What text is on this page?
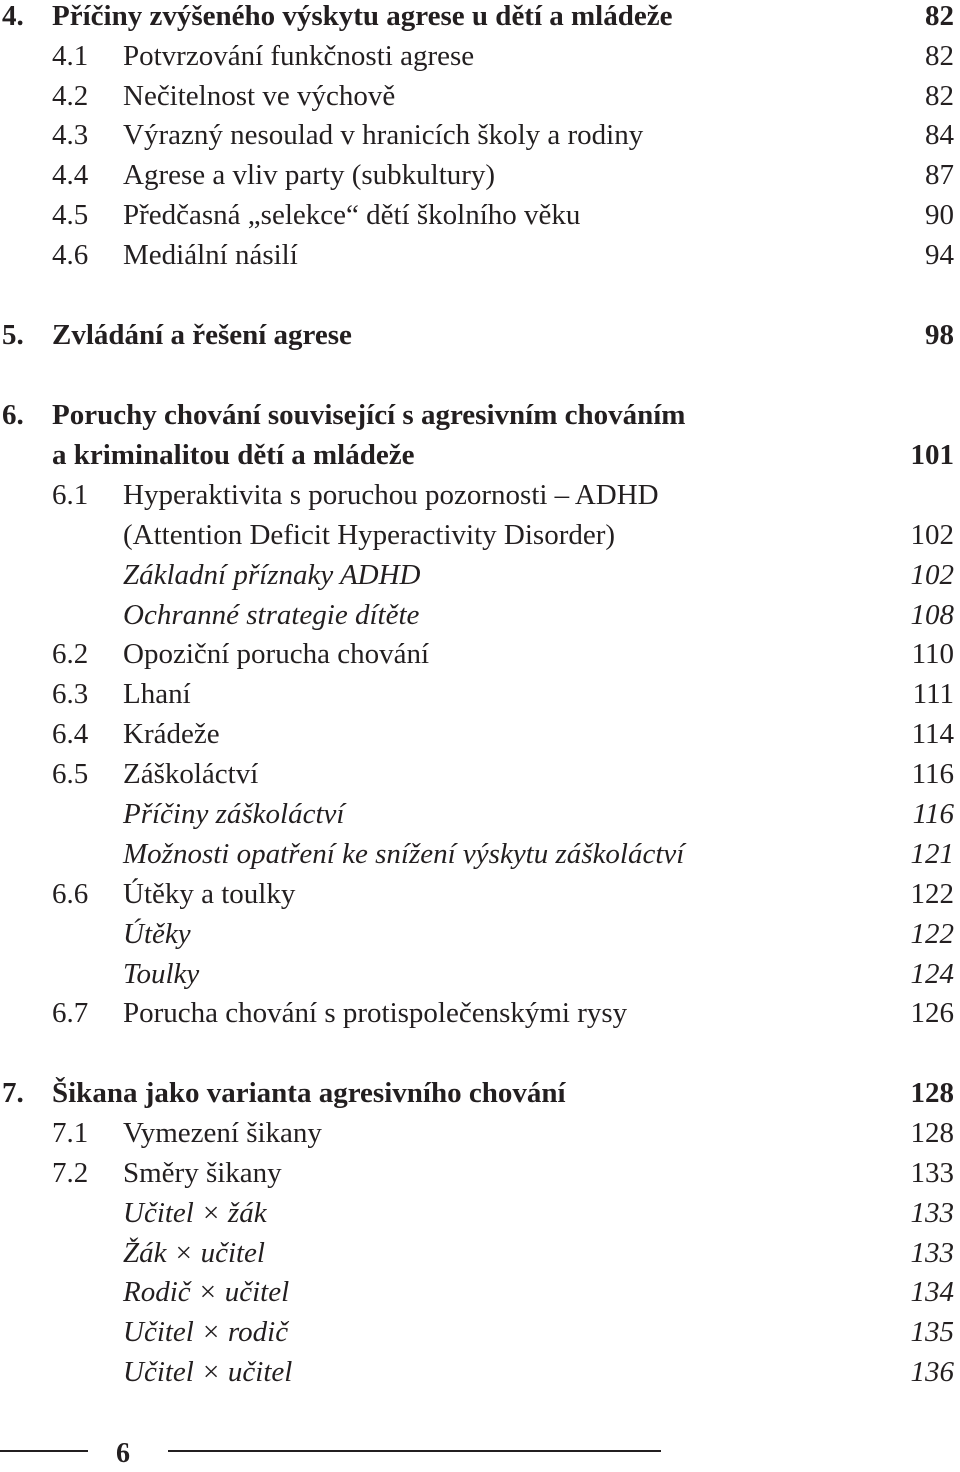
4. Příčiny zvýšeného výskytu agrese u dětí a mládeže	82
4.1 Potvrzování funkčnosti agrese	82
4.2 Nečitelnost ve výchově	82
4.3 Výrazný nesoulad v hranicích školy a rodiny	84
4.4 Agrese a vliv party (subkultury)	87
4.5 Předčasná „selekce“ dětí školního věku	90
4.6 Mediální násilí	94
5. Zvládání a řešení agrese	98
6. Poruchy chování související s agresivním chováním
a kriminalitou dětí a mládeže	101
6.1 Hyperaktivita s poruchou pozornosti – ADHD
(Attention Deficit Hyperactivity Disorder)	102
Základní příznaky ADHD	102
Ochranné strategie dítěte	108
6.2 Opoziční porucha chování	110
6.3 Lhaní	111
6.4 Krádeže	114
6.5 Záškoláctví	116
Příčiny záškoláctví	116
Možnosti opatření ke snížení výskytu záškoláctví	121
6.6 Útěky a toulky	122
Útěky	122
Toulky	124
6.7 Porucha chování s protispolečenskými rysy	126
7. Šikana jako varianta agresivního chování	128
7.1 Vymezení šikany	128
7.2 Směry šikany	133
Učitel × žák	133
Žák × učitel	133
Rodič × učitel	134
Učitel × rodič	135
Učitel × učitel	136
6
